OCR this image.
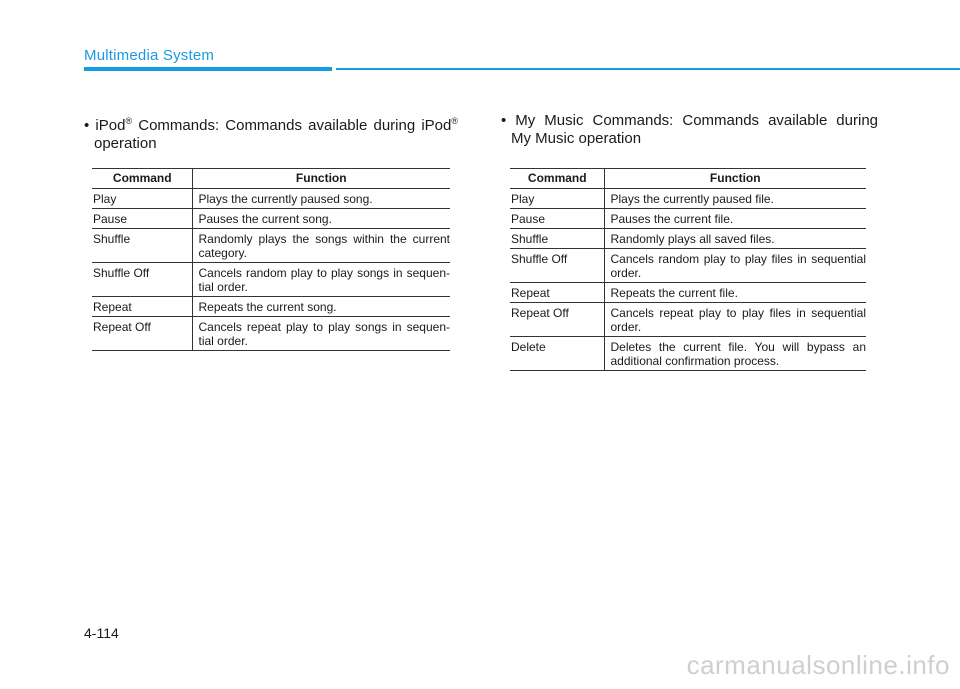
Multimedia System
• iPod® Commands: Commands available during iPod®
operation
• My Music Commands: Commands available during
My Music operation
Command	Function
Play	Plays the currently paused song.

Pause	Pauses the current song.

Shuffle	Randomly plays the songs within the current
category.

Shuffle Off	Cancels random play to play songs in sequen-
tial order.

Repeat	Repeats the current song.

Repeat Off	Cancels repeat play to play songs in sequen-
tial order.
Command	Function
Play	Plays the currently paused file.

Pause	Pauses the current file.

Shuffle	Randomly plays all saved files.

Shuffle Off	Cancels random play to play files in sequential
order.

Repeat	Repeats the current file.

Repeat Off	Cancels repeat play to play files in sequential
order.

Delete	Deletes the current file. You will bypass an
additional confirmation process.
4-114
carmanualsonline.info
